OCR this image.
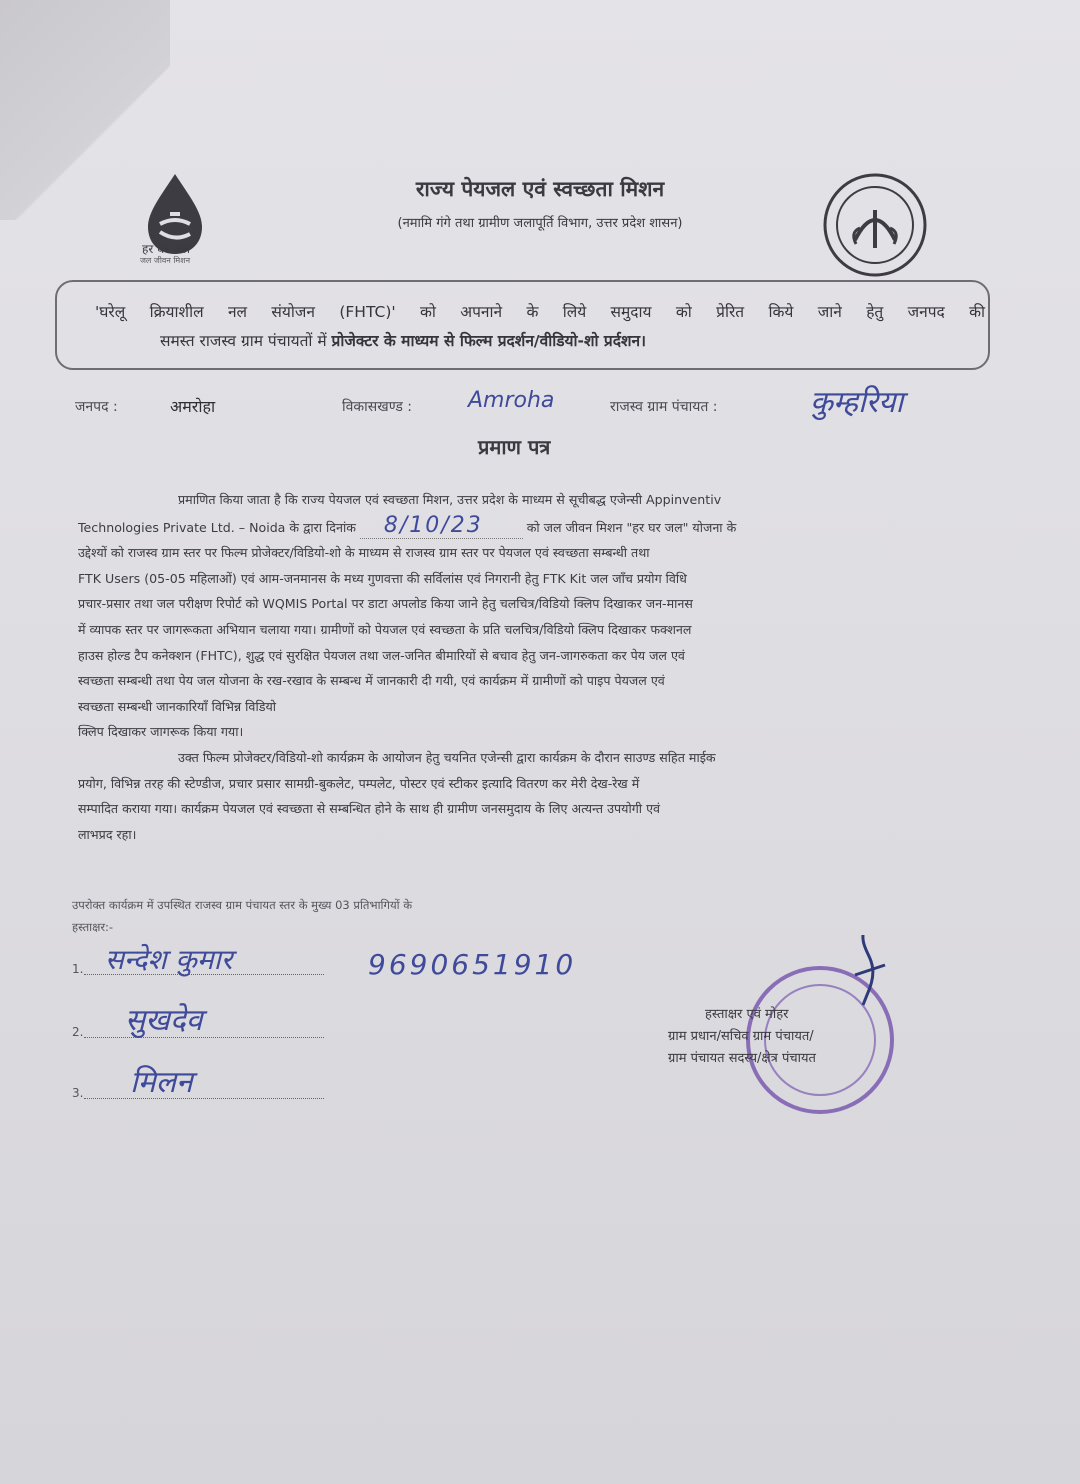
हर घर जल
जल जीवन मिशन
राज्य पेयजल एवं स्वच्छता मिशन
(नमामि गंगे तथा ग्रामीण जलापूर्ति विभाग, उत्तर प्रदेश शासन)
'घरेलू क्रियाशील नल संयोजन (FHTC)' को अपनाने के लिये समुदाय को प्रेरित किये जाने हेतु जनपद की
समस्त राजस्व ग्राम पंचायतों में प्रोजेक्टर के माध्यम से फिल्म प्रदर्शन/वीडियो-शो प्रर्दशन।
जनपद :	अमरोहा	विकासखण्ड :	Amroha	राजस्व ग्राम पंचायत :	कुम्हरिया
प्रमाण पत्र

प्रमाणित किया जाता है कि राज्य पेयजल एवं स्वच्छता मिशन, उत्तर प्रदेश के माध्यम से सूचीबद्ध एजेन्सी Appinventiv

Technologies Private Ltd. – Noida के द्वारा दिनांक 8/10/23	को जल जीवन मिशन "हर घर जल" योजना के

उद्देश्यों को राजस्व ग्राम स्तर पर फिल्म प्रोजेक्टर/विडियो-शो के माध्यम से राजस्व ग्राम स्तर पर पेयजल एवं स्वच्छता सम्बन्धी तथा

FTK Users (05-05 महिलाओं) एवं आम-जनमानस के मध्य गुणवत्ता की सर्विलांस एवं निगरानी हेतु FTK Kit जल जाँच प्रयोग विधि

प्रचार-प्रसार तथा जल परीक्षण रिपोर्ट को WQMIS Portal पर डाटा अपलोड किया जाने हेतु चलचित्र/विडियो क्लिप दिखाकर जन-मानस

में व्यापक स्तर पर जागरूकता अभियान चलाया गया। ग्रामीणों को पेयजल एवं स्वच्छता के प्रति चलचित्र/विडियो क्लिप दिखाकर फक्शनल

हाउस होल्ड टैप कनेक्शन (FHTC), शुद्ध एवं सुरक्षित पेयजल तथा जल-जनित बीमारियों से बचाव हेतु जन-जागरुकता कर पेय जल एवं

स्वच्छता सम्बन्धी तथा पेय जल योजना के रख-रखाव के सम्बन्ध में जानकारी दी गयी, एवं कार्यक्रम में ग्रामीणों को पाइप पेयजल एवं

स्वच्छता सम्बन्धी जानकारियाँ विभिन्न विडियो

क्लिप दिखाकर जागरूक किया गया।

उक्त फिल्म प्रोजेक्टर/विडियो-शो कार्यक्रम के आयोजन हेतु चयनित एजेन्सी द्वारा कार्यक्रम के दौरान साउण्ड सहित माईक

प्रयोग, विभिन्न तरह की स्टेण्डीज, प्रचार प्रसार सामग्री-बुकलेट, पम्पलेट, पोस्टर एवं स्टीकर इत्यादि वितरण कर मेरी देख-रेख में

सम्पादित कराया गया। कार्यक्रम पेयजल एवं स्वच्छता से सम्बन्धित होने के साथ ही ग्रामीण जनसमुदाय के लिए अत्यन्त उपयोगी एवं

लाभप्रद रहा।

उपरोक्त कार्यक्रम में उपस्थित राजस्व ग्राम पंचायत स्तर के मुख्य 03 प्रतिभागियों के
हस्ताक्षर:-
1. सन्देश कुमार	9690651910
2. सुखदेव
3. मिलन
हस्ताक्षर एवं मोहर
ग्राम प्रधान/सचिव ग्राम पंचायत/
ग्राम पंचायत सदस्य/क्षेत्र पंचायत
